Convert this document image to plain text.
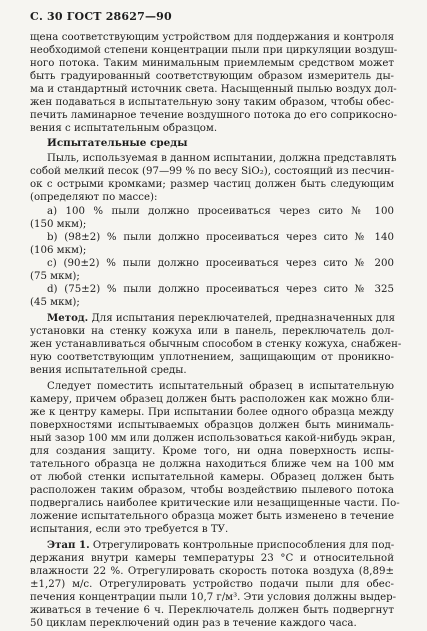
С. 30 ГОСТ 28627—90
щена соответствующим устройством для поддержания и контроля
необходимой степени концентрации пыли при циркуляции воздуш-
ного потока. Таким минимальным приемлемым средством может
быть градуированный соответствующим образом измеритель ды-
ма и стандартный источник света. Насыщенный пылью воздух дол-
жен подаваться в испытательную зону таким образом, чтобы обес-
печить ламинарное течение воздушного потока до его соприкосно-
вения с испытательным образцом.
Испытательные среды
Пыль, используемая в данном испытании, должна представлять
собой мелкий песок (97—99 % по весу SiO₂), состоящий из песчин-
ок с острыми кромками; размер частиц должен быть следующим
(определяют по массе):
а) 100 % пыли должно просеиваться через сито № 100
(150 мкм);
b) (98±2) % пыли должно просеиваться через сито № 140
(106 мкм);
c) (90±2) % пыли должно просеиваться через сито № 200
(75 мкм);
d) (75±2) % пыли должно просеиваться через сито № 325
(45 мкм);
Метод. Для испытания переключателей, предназначенных для
установки на стенку кожуха или в панель, переключатель дол-
жен устанавливаться обычным способом в стенку кожуха, снабжен-
ную соответствующим уплотнением, защищающим от проникно-
вения испытательной среды.
Следует поместить испытательный образец в испытательную
камеру, причем образец должен быть расположен как можно бли-
же к центру камеры. При испытании более одного образца между
поверхностями испытываемых образцов должен быть минималь-
ный зазор 100 мм или должен использоваться какой-нибудь экран,
для создания защиту. Кроме того, ни одна поверхность испы-
тательного образца не должна находиться ближе чем на 100 мм
от любой стенки испытательной камеры. Образец должен быть
расположен таким образом, чтобы воздействию пылевого потока
подвергались наиболее критические или незащищенные части. По-
ложение испытательного образца может быть изменено в течение
испытания, если это требуется в ТУ.
Этап 1. Отрегулировать контрольные приспособления для под-
держания внутри камеры температуры 23 °С и относительной
влажности 22 %. Отрегулировать скорость потока воздуха (8,89±
±1,27) м/с. Отрегулировать устройство подачи пыли для обес-
печения концентрации пыли 10,7 г/м³. Эти условия должны выдер-
живаться в течение 6 ч. Переключатель должен быть подвергнут
50 циклам переключений один раз в течение каждого часа.
